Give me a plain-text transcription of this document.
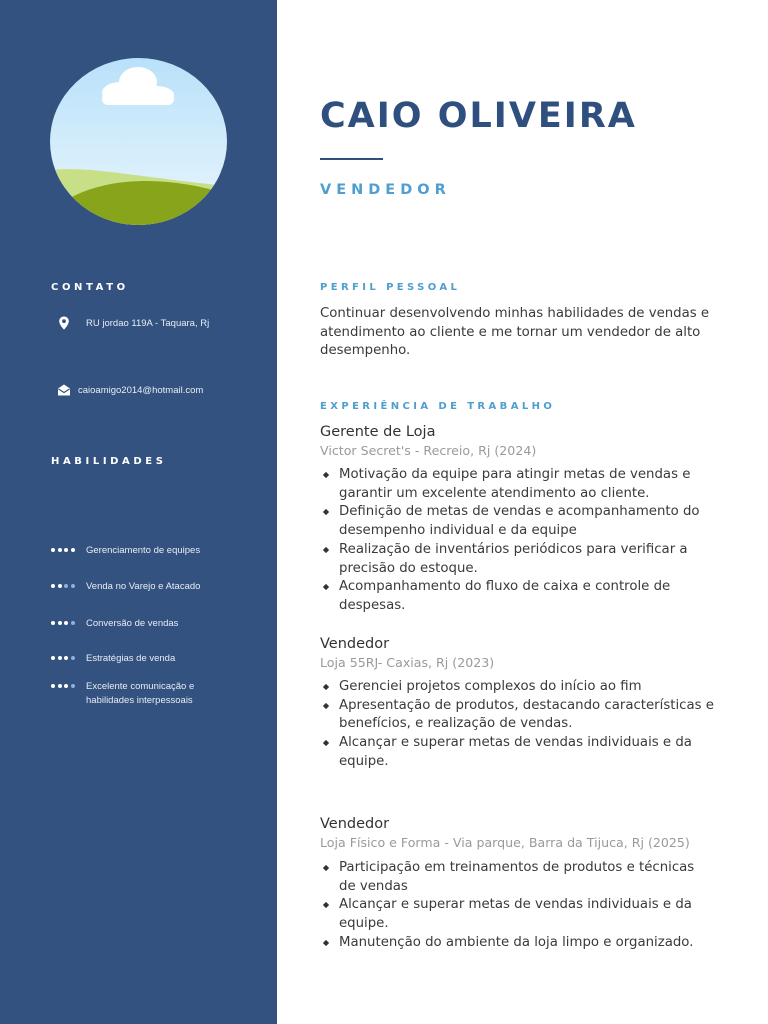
CONTATO
RU jordao 119A - Taquara, Rj
caioamigo2014@hotmail.com
HABILIDADES
Gerenciamento de equipes
Venda no Varejo e Atacado
Conversão de vendas
Estratégias de venda
Excelente comunicação e habilidades interpessoais
CAIO OLIVEIRA
VENDEDOR
PERFIL PESSOAL
Continuar desenvolvendo minhas habilidades de vendas e atendimento ao cliente e me tornar um vendedor de alto desempenho.
EXPERIÊNCIA DE TRABALHO
Gerente de Loja
Victor Secret's - Recreio, Rj (2024)
Motivação da equipe para atingir metas de vendas e garantir um excelente atendimento ao cliente.
Definição de metas de vendas e acompanhamento do desempenho individual e da equipe
Realização de inventários periódicos para verificar a precisão do estoque.
Acompanhamento do fluxo de caixa e controle de despesas.
Vendedor
Loja 55RJ- Caxias, Rj (2023)
Gerenciei projetos complexos do início ao fim
Apresentação de produtos, destacando características e benefícios, e realização de vendas.
Alcançar e superar metas de vendas individuais e da equipe.
Vendedor
Loja Físico e Forma - Via parque, Barra da Tijuca, Rj (2025)
Participação em treinamentos de produtos e técnicas de vendas
Alcançar e superar metas de vendas individuais e da equipe.
Manutenção do ambiente da loja limpo e organizado.
